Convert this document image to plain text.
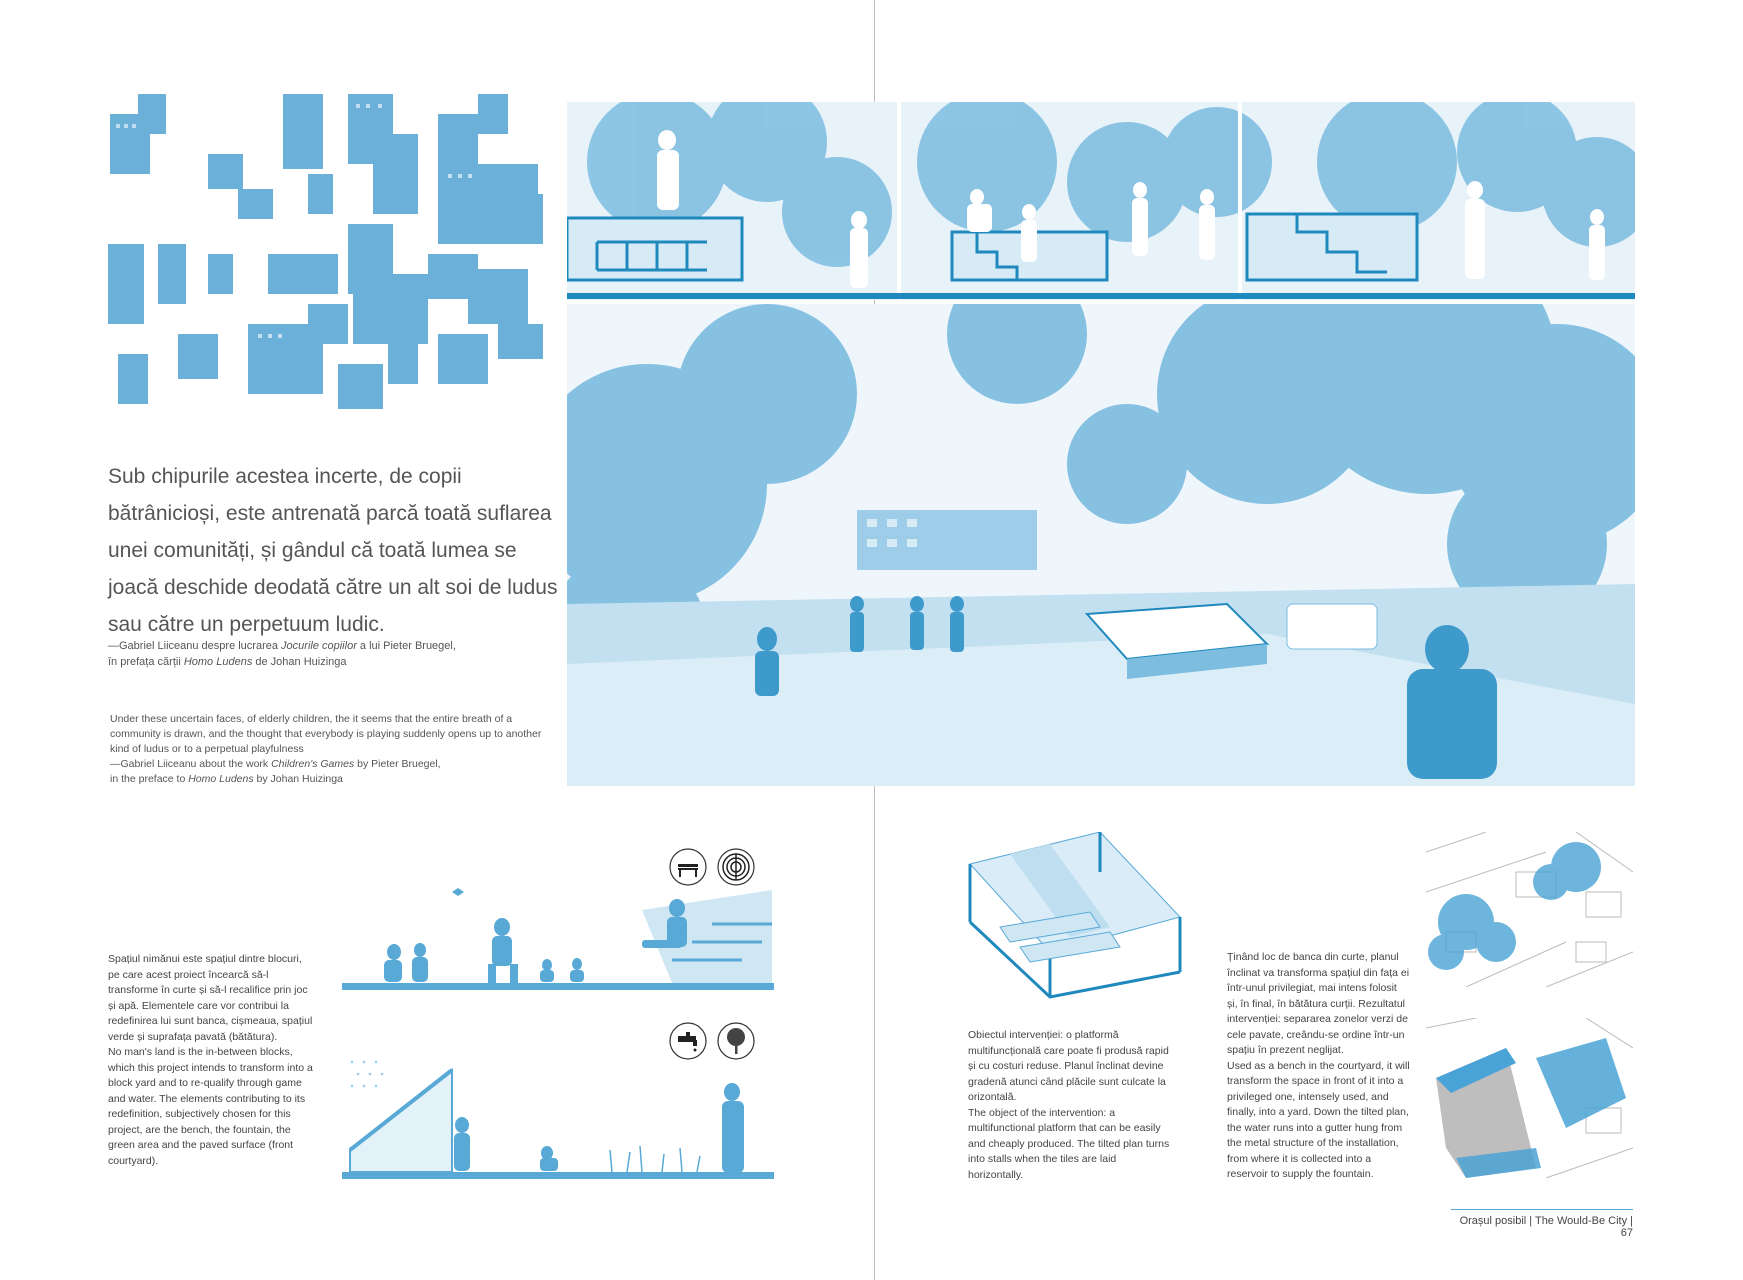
Sub chipurile acestea incerte, de copii bătrânicioși, este antrenată parcă toată suflarea unei comunități, și gândul că toată lumea se joacă deschide deodată către un alt soi de ludus sau către un perpetuum ludic.
—Gabriel Liiceanu despre lucrarea Jocurile copiilor a lui Pieter Bruegel,
în prefața cărții Homo Ludens de Johan Huizinga
Under these uncertain faces, of elderly children, the it seems that the entire breath of a community is drawn, and the thought that everybody is playing suddenly opens up to another kind of ludus or to a perpetual playfulness
—Gabriel Liiceanu about the work Children's Games by Pieter Bruegel,
in the preface to Homo Ludens by Johan Huizinga
Spațiul nimănui este spațiul dintre blocuri, pe care acest proiect încearcă să-l transforme în curte și să-l recalifice prin joc și apă. Elementele care vor contribui la redefinirea lui sunt banca, cișmeaua, spațiul verde și suprafața pavată (bătătura).
No man's land is the in-between blocks, which this project intends to transform into a block yard and to re-qualify through game and water. The elements contributing to its redefinition, subjectively chosen for this project, are the bench, the fountain, the green area and the paved surface (front courtyard).
Obiectul intervenției: o platformă multifuncțională care poate fi produsă rapid și cu costuri reduse. Planul înclinat devine gradenă atunci când plăcile sunt culcate la orizontală.
The object of the intervention: a multifunctional platform that can be easily and cheaply produced. The tilted plan turns into stalls when the tiles are laid horizontally.
Ținând loc de banca din curte, planul înclinat va transforma spațiul din fața ei într-unul privilegiat, mai intens folosit și, în final, în bătătura curții. Rezultatul intervenției: separarea zonelor verzi de cele pavate, creându-se ordine într-un spațiu în prezent neglijat.
Used as a bench in the courtyard, it will transform the space in front of it into a privileged one, intensely used, and finally, into a yard. Down the tilted plan, the water runs into a gutter hung from the metal structure of the installation, from where it is collected into a reservoir to supply the fountain.
Orașul posibil | The Would-Be City | 67
